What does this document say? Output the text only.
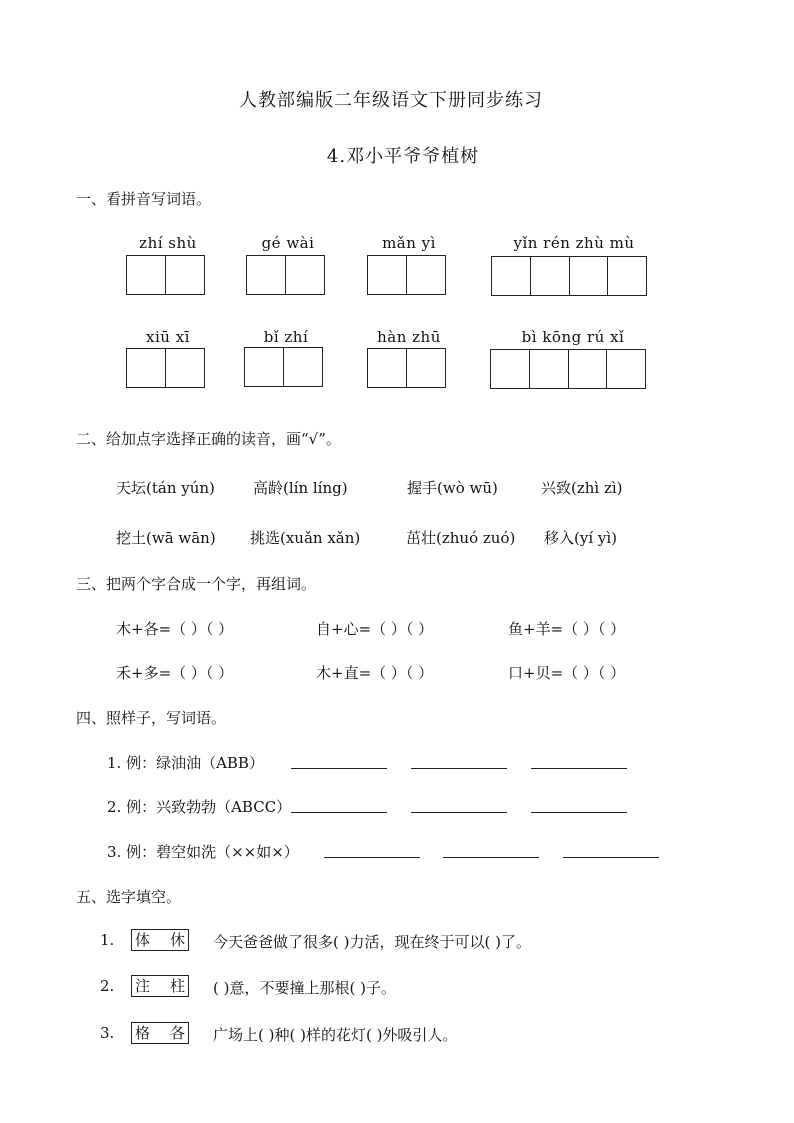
人教部编版二年级语文下册同步练习
4.邓小平爷爷植树
一、看拼音写词语。
zhí shù	gé wài	mǎn yì	yǐn rén zhù mù
xiū xī	bǐ zhí	hàn zhū	bì kōng rú xǐ
二、给加点字选择正确的读音，画“√”。
天坛(tán yún)	高龄(lín líng)	握手(wò wū)	兴致(zhì zì)
挖土(wā wān) 挑选(xuǎn xǎn)	茁壮(zhuó zuó) 移入(yí yì)
三、把两个字合成一个字，再组词。
木+各=（ ）（ ）	自+心=（ ）（ ）	鱼+羊=（ ）（ ）
禾+多=（ ）（ ）	木+直=（ ）（ ）	口+贝=（ ）（ ）
四、照样子，写词语。
1. 例：绿油油（ABB）
2. 例：兴致勃勃（ABCC）
3. 例：碧空如洗（××如×）
五、选字填空。
1. 体 休 今天爸爸做了很多( )力活，现在终于可以( )了。
2. 注 柱 ( )意，不要撞上那根( )子。
3. 格 各 广场上( )种( )样的花灯( )外吸引人。
